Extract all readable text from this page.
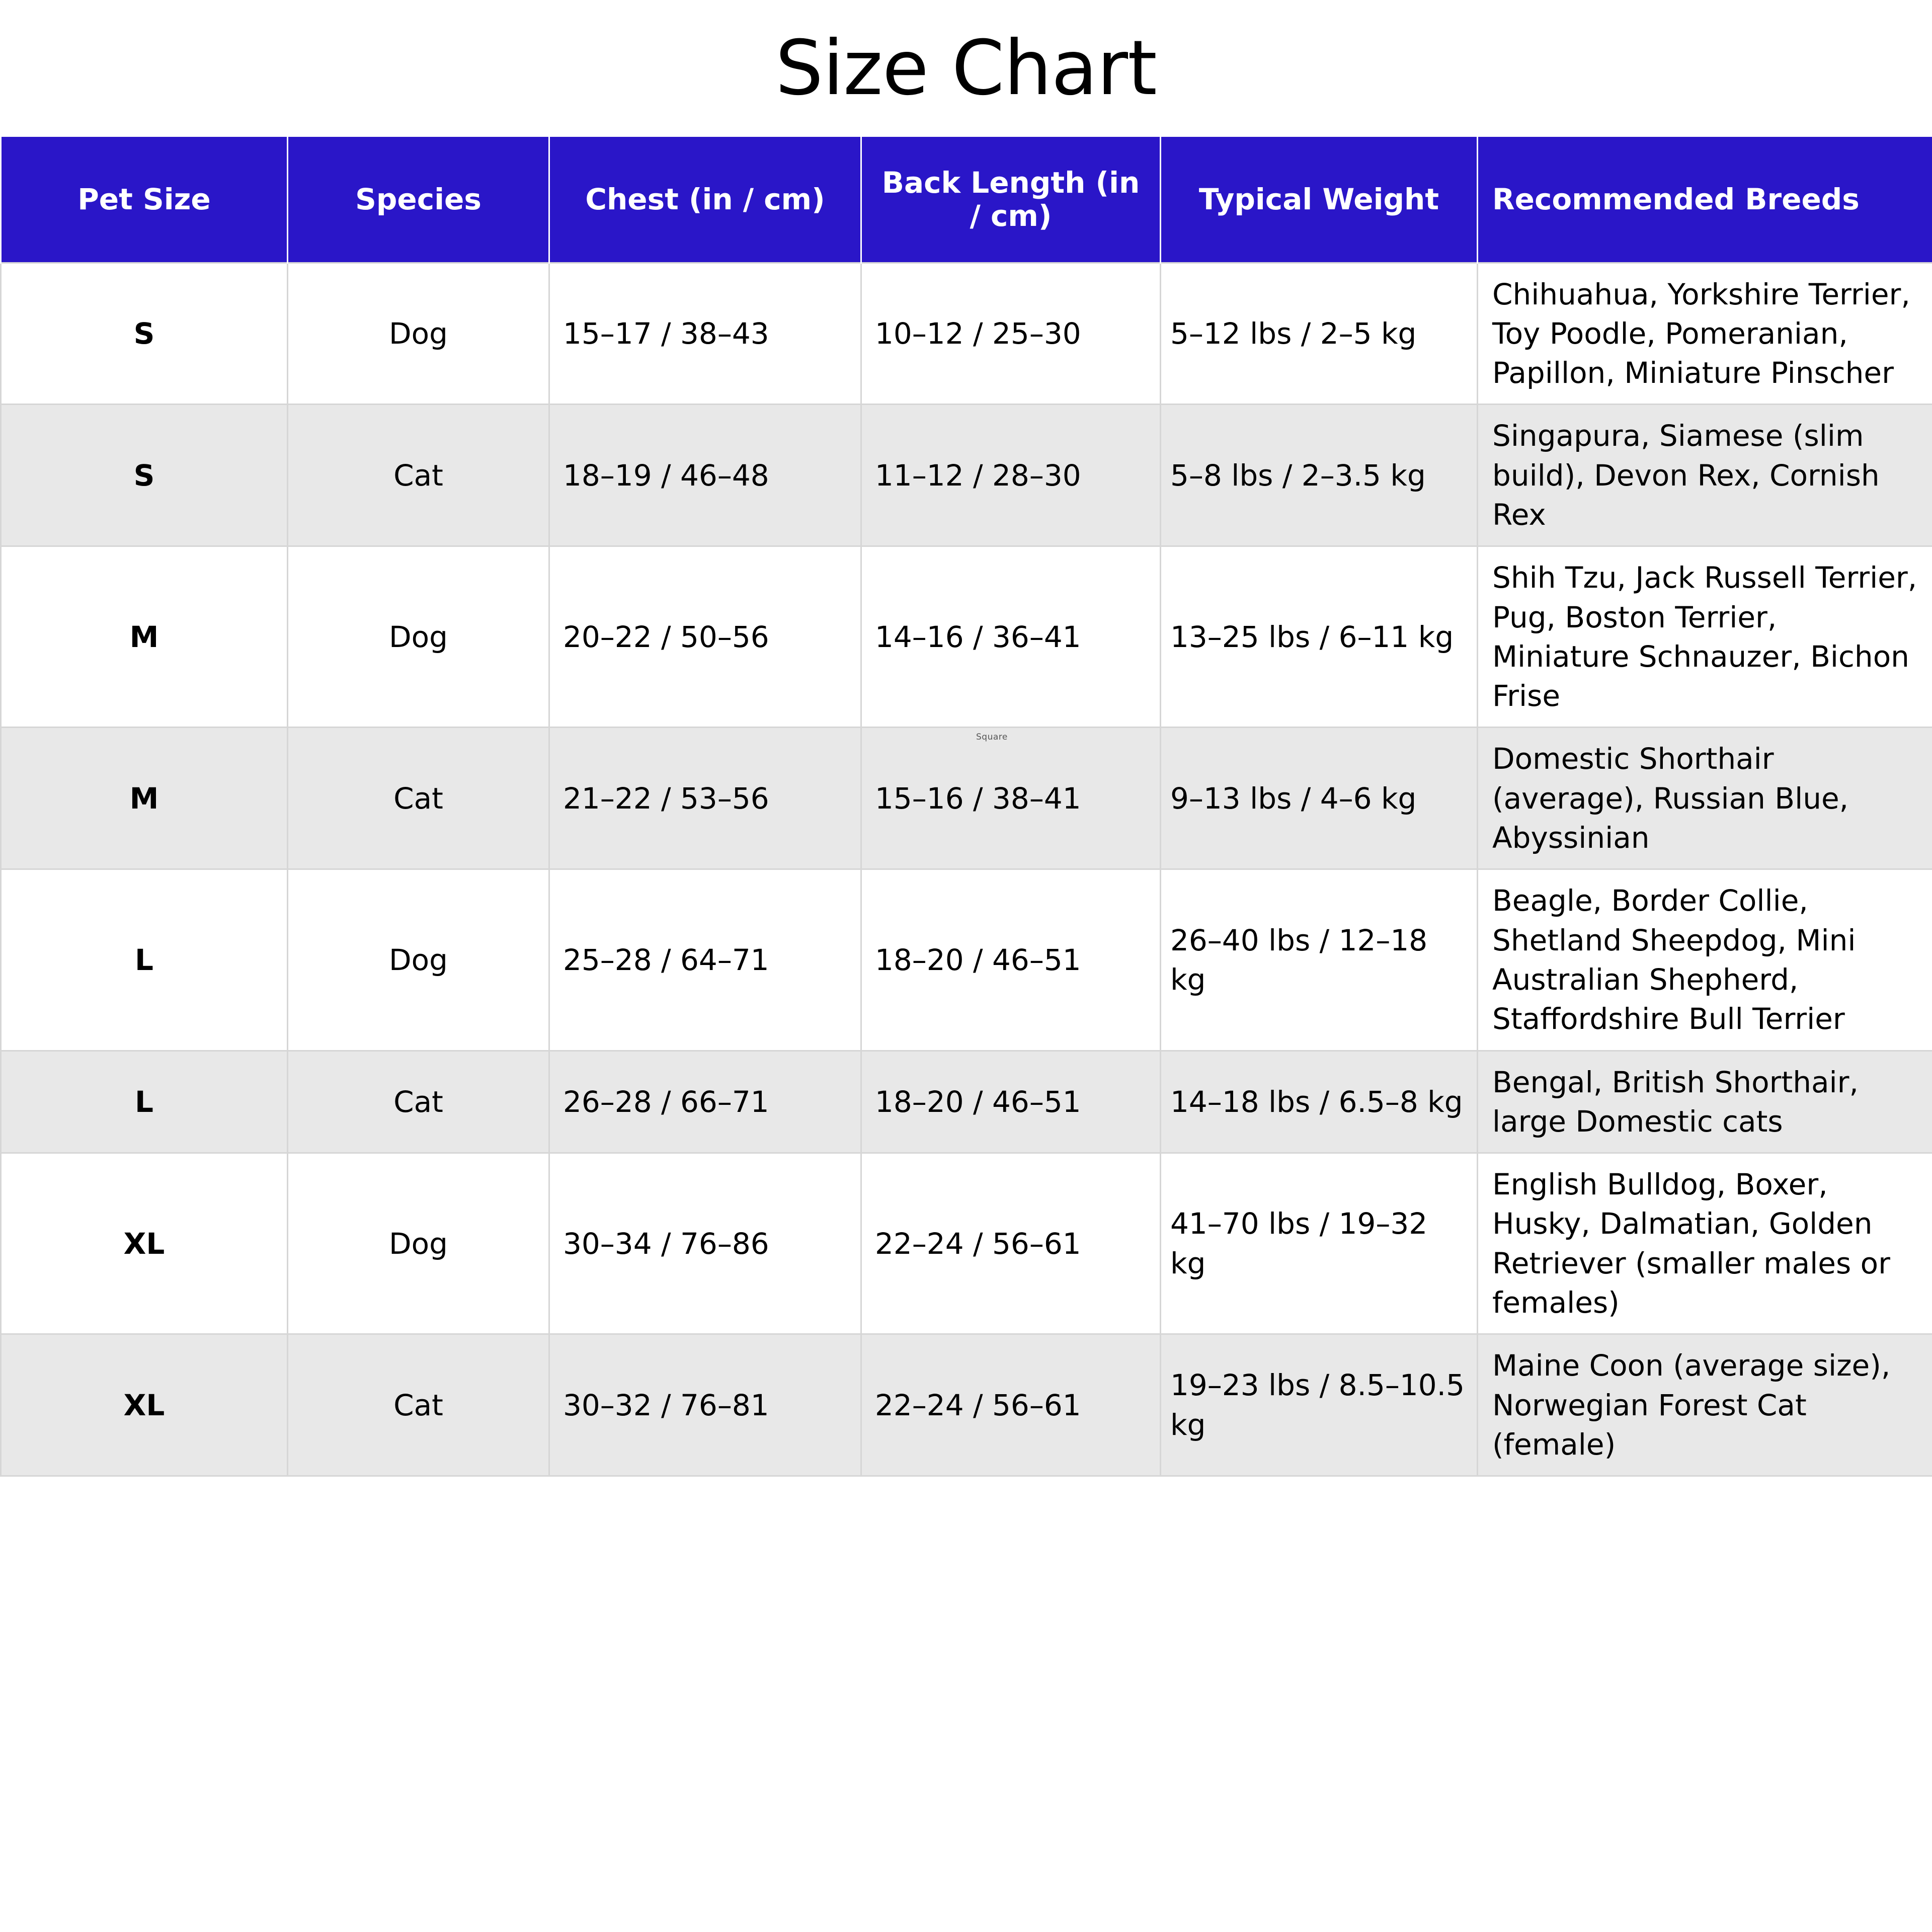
Size Chart
Pet Size	Species	Chest (in / cm)	Back Length (in / cm)	Typical Weight	Recommended Breeds
S	Dog	15–17 / 38–43	10–12 / 25–30	5–12 lbs / 2–5 kg	Chihuahua, Yorkshire Terrier, Toy Poodle, Pomeranian, Papillon, Miniature Pinscher
S	Cat	18–19 / 46–48	11–12 / 28–30	5–8 lbs / 2–3.5 kg	Singapura, Siamese (slim build), Devon Rex, Cornish Rex
M	Dog	20–22 / 50–56	14–16 / 36–41	13–25 lbs / 6–11 kg	Shih Tzu, Jack Russell Terrier, Pug, Boston Terrier, Miniature Schnauzer, Bichon Frise
M	Cat	21–22 / 53–56	15–16 / 38–41	9–13 lbs / 4–6 kg	Domestic Shorthair (average), Russian Blue, Abyssinian
L	Dog	25–28 / 64–71	18–20 / 46–51	26–40 lbs / 12–18 kg	Beagle, Border Collie, Shetland Sheepdog, Mini Australian Shepherd, Staffordshire Bull Terrier
L	Cat	26–28 / 66–71	18–20 / 46–51	14–18 lbs / 6.5–8 kg	Bengal, British Shorthair, large Domestic cats
XL	Dog	30–34 / 76–86	22–24 / 56–61	41–70 lbs / 19–32 kg	English Bulldog, Boxer, Husky, Dalmatian, Golden Retriever (smaller males or females)
XL	Cat	30–32 / 76–81	22–24 / 56–61	19–23 lbs / 8.5–10.5 kg	Maine Coon (average size), Norwegian Forest Cat (female)
Square
